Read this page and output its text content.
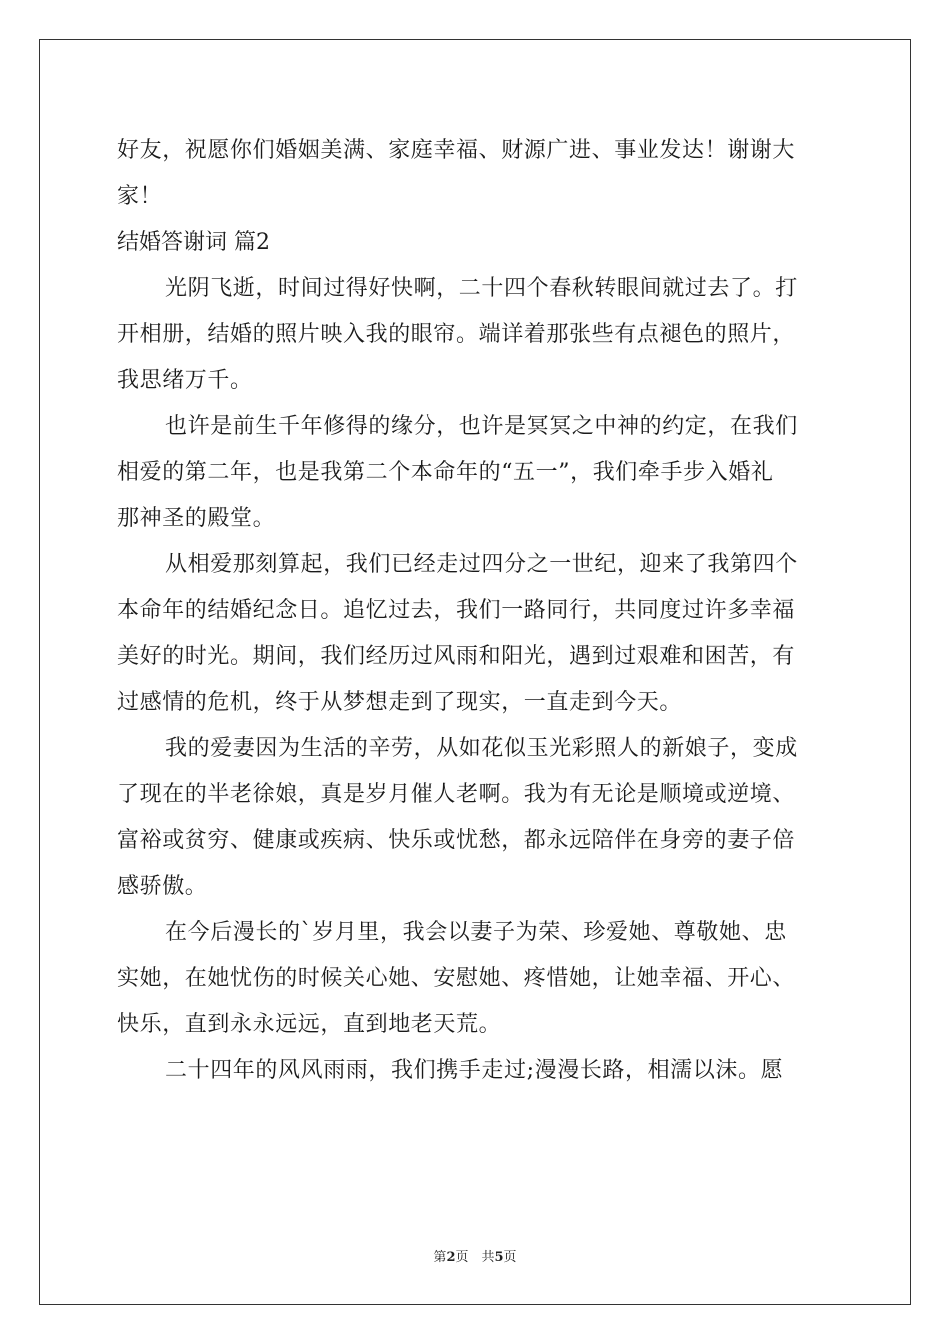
好友，祝愿你们婚姻美满、家庭幸福、财源广进、事业发达！谢谢大
家！
结婚答谢词 篇2
光阴飞逝，时间过得好快啊，二十四个春秋转眼间就过去了。打
开相册，结婚的照片映入我的眼帘。端详着那张些有点褪色的照片，
我思绪万千。
也许是前生千年修得的缘分，也许是冥冥之中神的约定，在我们
相爱的第二年，也是我第二个本命年的“五一”，我们牵手步入婚礼
那神圣的殿堂。
从相爱那刻算起，我们已经走过四分之一世纪，迎来了我第四个
本命年的结婚纪念日。追忆过去，我们一路同行，共同度过许多幸福
美好的时光。期间，我们经历过风雨和阳光，遇到过艰难和困苦，有
过感情的危机，终于从梦想走到了现实，一直走到今天。
我的爱妻因为生活的辛劳，从如花似玉光彩照人的新娘子，变成
了现在的半老徐娘，真是岁月催人老啊。我为有无论是顺境或逆境、
富裕或贫穷、健康或疾病、快乐或忧愁，都永远陪伴在身旁的妻子倍
感骄傲。
在今后漫长的`岁月里，我会以妻子为荣、珍爱她、尊敬她、忠
实她，在她忧伤的时候关心她、安慰她、疼惜她，让她幸福、开心、
快乐，直到永永远远，直到地老天荒。
二十四年的风风雨雨，我们携手走过;漫漫长路，相濡以沫。愿
第2页　共5页
